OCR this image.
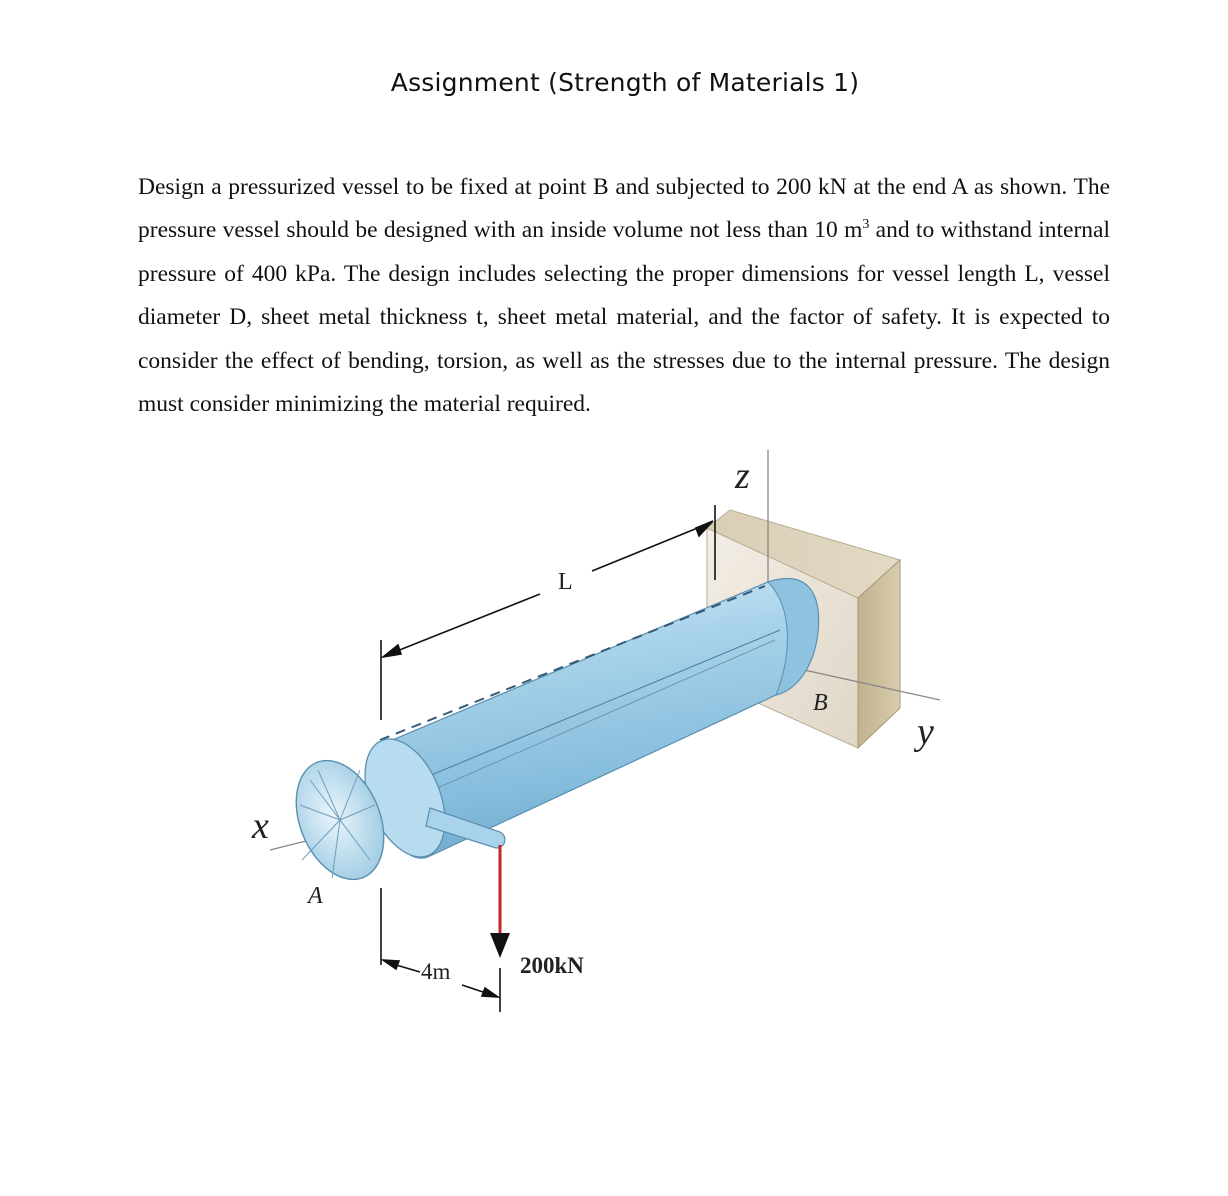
Assignment (Strength of Materials 1)

Design a pressurized vessel to be fixed at point B and subjected to 200 kN at the end A as shown. The pressure vessel should be designed with an inside volume not less than 10 $m^3$ and to withstand internal pressure of 400 kPa. The design includes selecting the proper dimensions for vessel length L, vessel diameter D, sheet metal thickness t, sheet metal material, and the factor of safety. It is expected to consider the effect of bending, torsion, as well as the stresses due to the internal pressure. The design must consider minimizing the material required.

z
y
x
L
A
B
4m	200kN
